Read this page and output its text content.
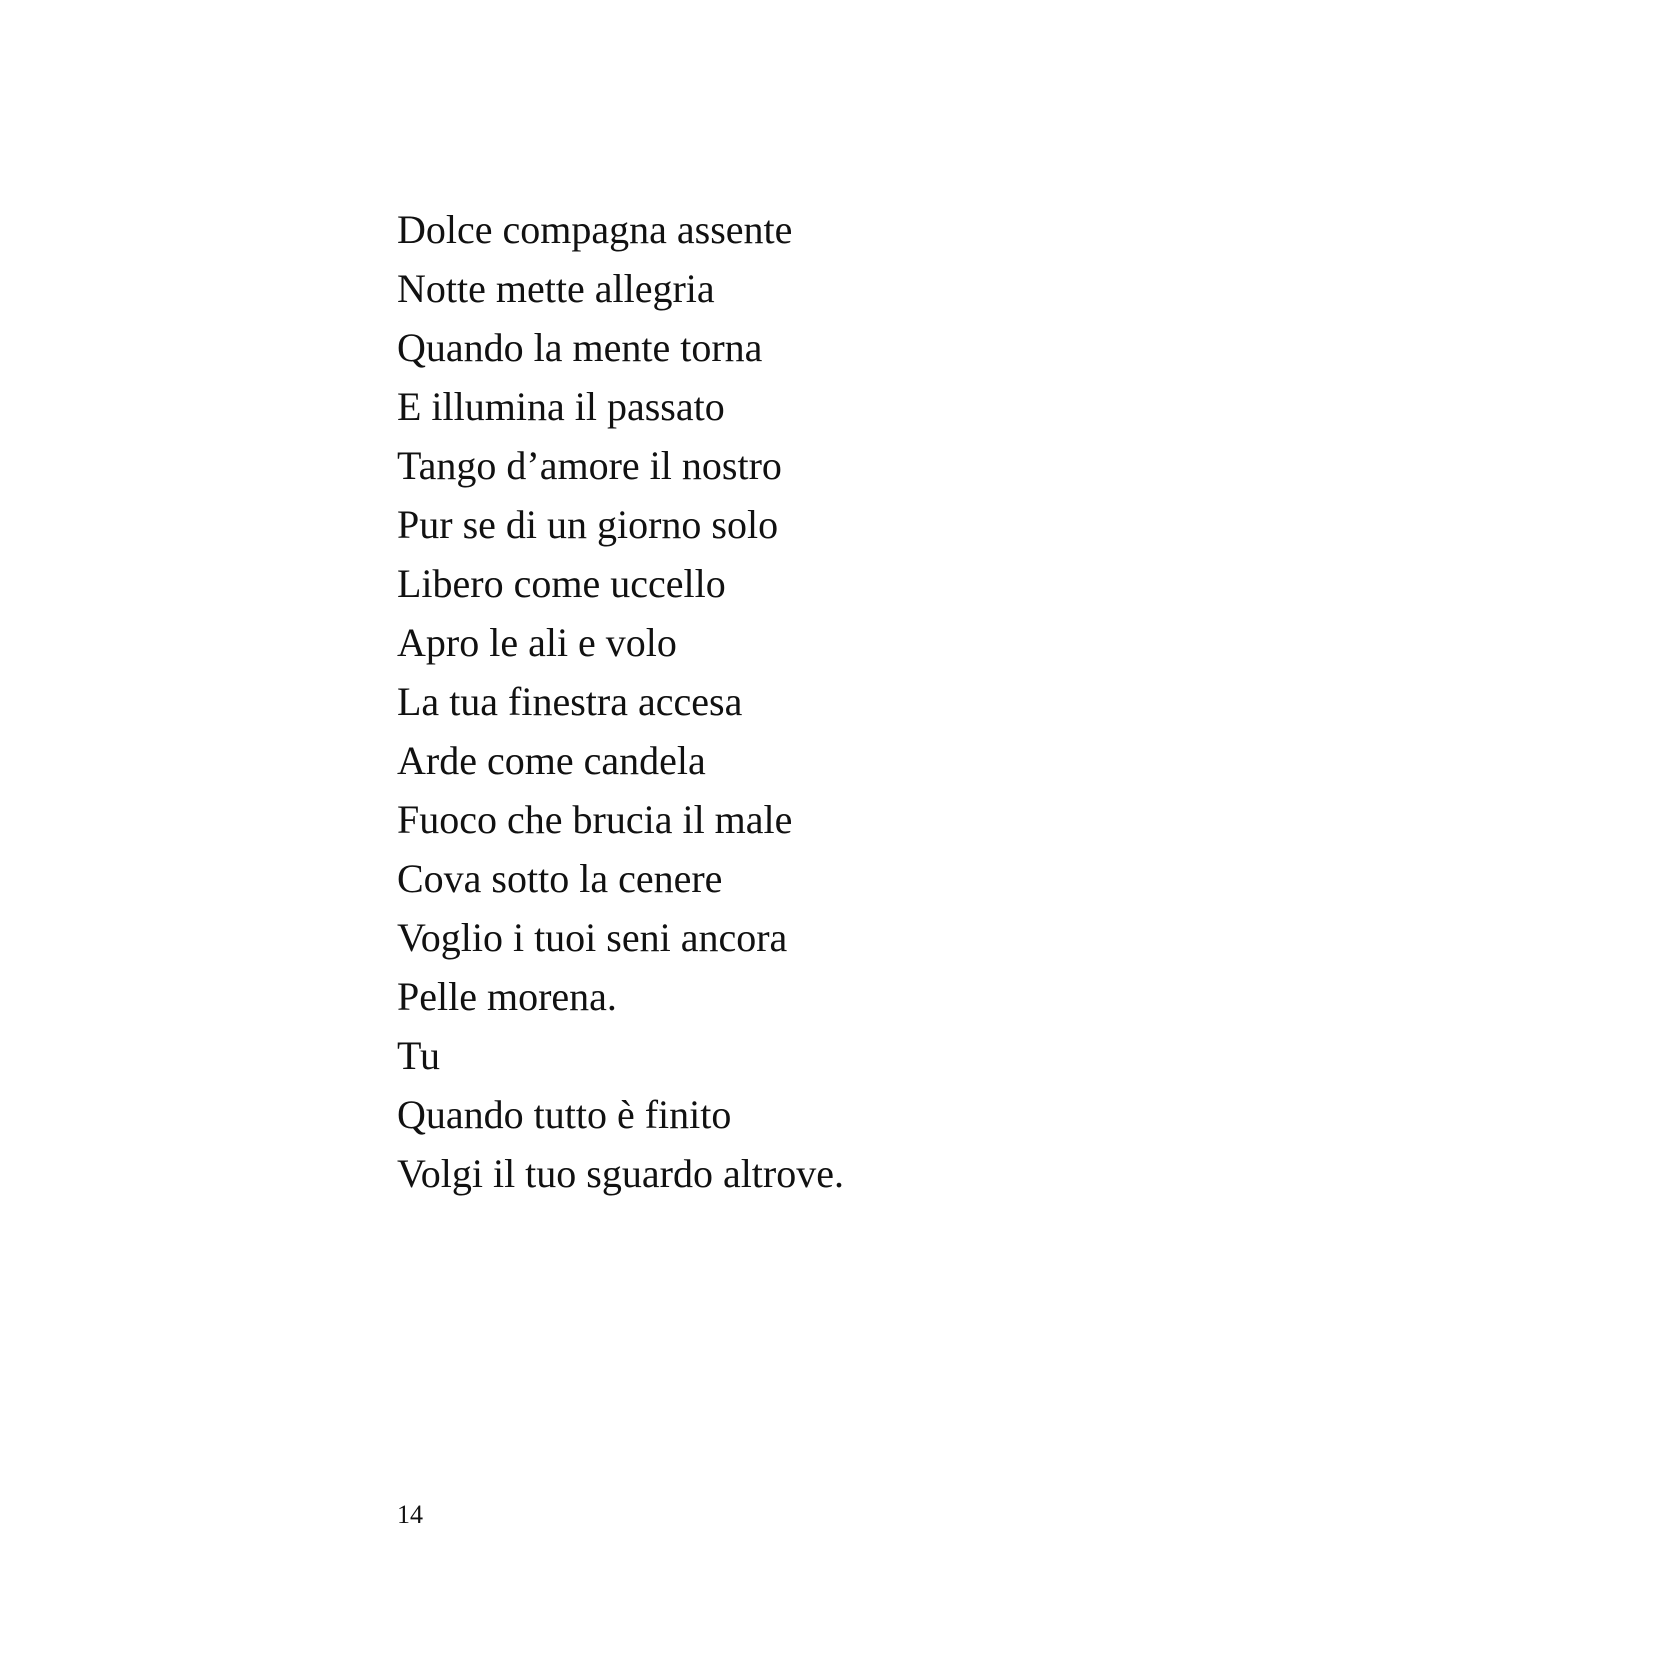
Dolce compagna assente
Notte mette allegria
Quando la mente torna
E illumina il passato
Tango d’amore il nostro
Pur se di un giorno solo
Libero come uccello
Apro le ali e volo
La tua finestra accesa
Arde come candela
Fuoco che brucia il male
Cova sotto la cenere
Voglio i tuoi seni ancora
Pelle morena.
Tu
Quando tutto è finito
Volgi il tuo sguardo altrove.
14
